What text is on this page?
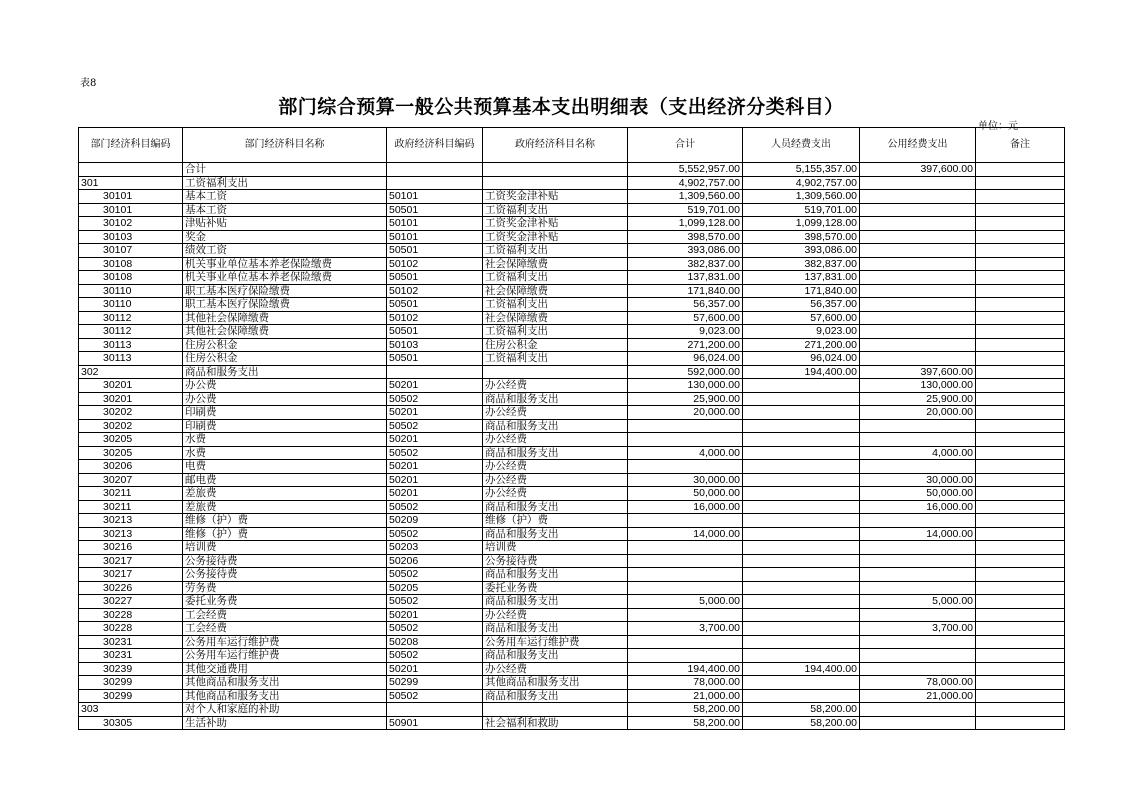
表8
部门综合预算一般公共预算基本支出明细表（支出经济分类科目）
单位：元
部门经济科目编码	部门经济科目名称	政府经济科目编码	政府经济科目名称	合计	人员经费支出	公用经费支出	备注
	合计			5,552,957.00	5,155,357.00	397,600.00	
301	工资福利支出			4,902,757.00	4,902,757.00		
30101	基本工资	50101	工资奖金津补贴	1,309,560.00	1,309,560.00		
30101	基本工资	50501	工资福利支出	519,701.00	519,701.00		
30102	津贴补贴	50101	工资奖金津补贴	1,099,128.00	1,099,128.00		
30103	奖金	50101	工资奖金津补贴	398,570.00	398,570.00		
30107	绩效工资	50501	工资福利支出	393,086.00	393,086.00		
30108	机关事业单位基本养老保险缴费	50102	社会保障缴费	382,837.00	382,837.00		
30108	机关事业单位基本养老保险缴费	50501	工资福利支出	137,831.00	137,831.00		
30110	职工基本医疗保险缴费	50102	社会保障缴费	171,840.00	171,840.00		
30110	职工基本医疗保险缴费	50501	工资福利支出	56,357.00	56,357.00		
30112	其他社会保障缴费	50102	社会保障缴费	57,600.00	57,600.00		
30112	其他社会保障缴费	50501	工资福利支出	9,023.00	9,023.00		
30113	住房公积金	50103	住房公积金	271,200.00	271,200.00		
30113	住房公积金	50501	工资福利支出	96,024.00	96,024.00		
302	商品和服务支出			592,000.00	194,400.00	397,600.00	
30201	办公费	50201	办公经费	130,000.00		130,000.00	
30201	办公费	50502	商品和服务支出	25,900.00		25,900.00	
30202	印刷费	50201	办公经费	20,000.00		20,000.00	
30202	印刷费	50502	商品和服务支出				
30205	水费	50201	办公经费				
30205	水费	50502	商品和服务支出	4,000.00		4,000.00	
30206	电费	50201	办公经费				
30207	邮电费	50201	办公经费	30,000.00		30,000.00	
30211	差旅费	50201	办公经费	50,000.00		50,000.00	
30211	差旅费	50502	商品和服务支出	16,000.00		16,000.00	
30213	维修（护）费	50209	维修（护）费				
30213	维修（护）费	50502	商品和服务支出	14,000.00		14,000.00	
30216	培训费	50203	培训费				
30217	公务接待费	50206	公务接待费				
30217	公务接待费	50502	商品和服务支出				
30226	劳务费	50205	委托业务费				
30227	委托业务费	50502	商品和服务支出	5,000.00		5,000.00	
30228	工会经费	50201	办公经费				
30228	工会经费	50502	商品和服务支出	3,700.00		3,700.00	
30231	公务用车运行维护费	50208	公务用车运行维护费				
30231	公务用车运行维护费	50502	商品和服务支出				
30239	其他交通费用	50201	办公经费	194,400.00	194,400.00		
30299	其他商品和服务支出	50299	其他商品和服务支出	78,000.00		78,000.00	
30299	其他商品和服务支出	50502	商品和服务支出	21,000.00		21,000.00	
303	对个人和家庭的补助			58,200.00	58,200.00		
30305	生活补助	50901	社会福利和救助	58,200.00	58,200.00		
